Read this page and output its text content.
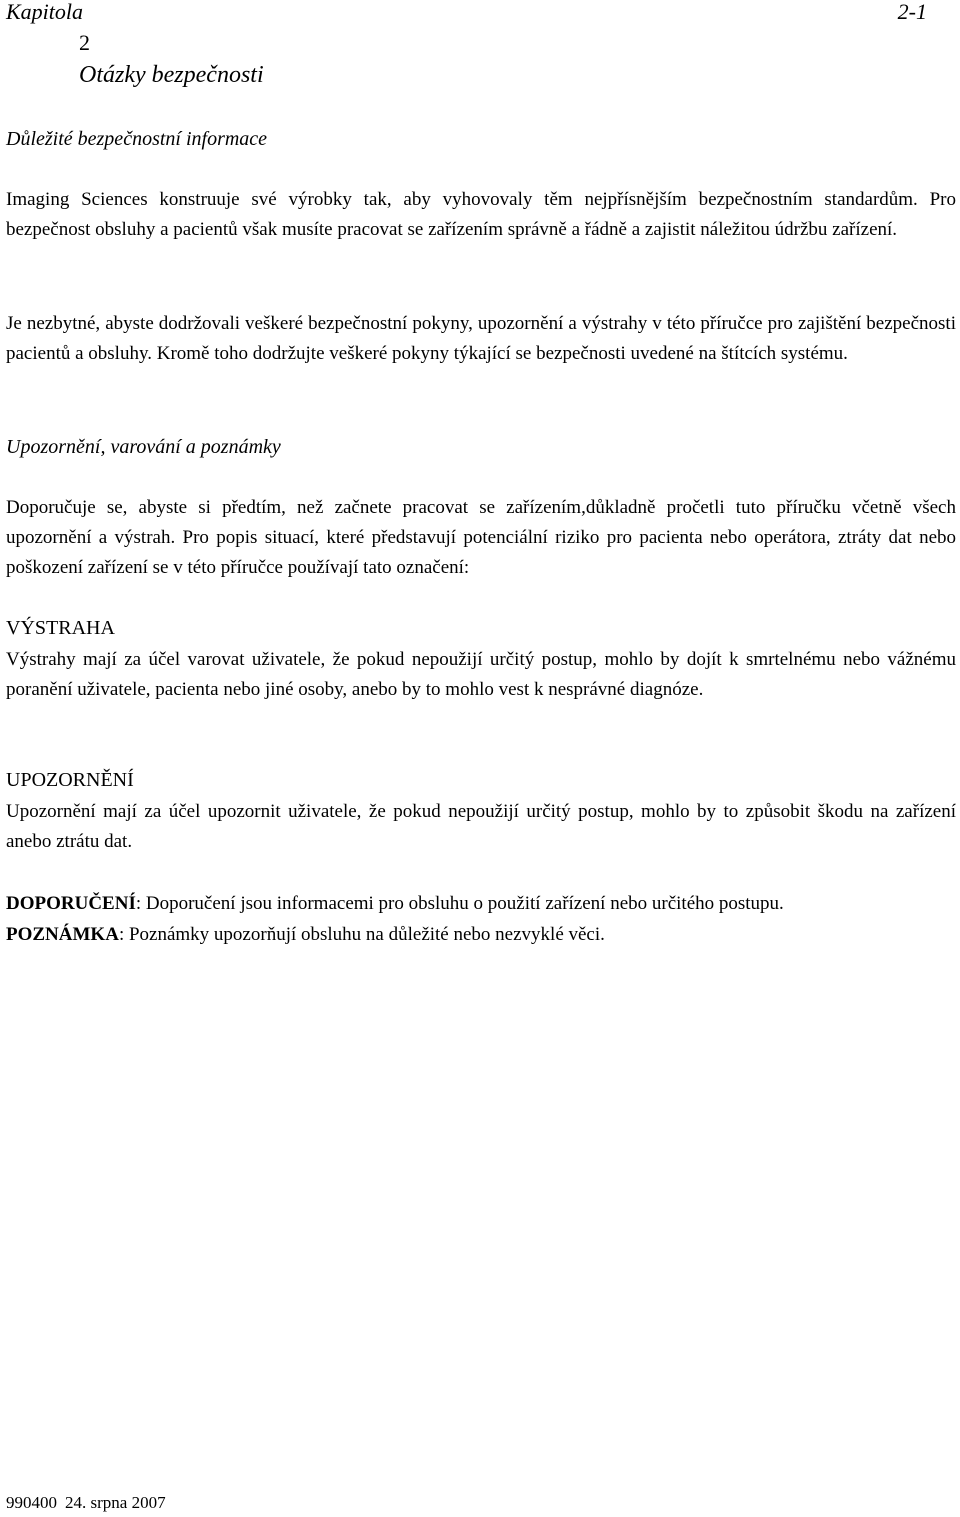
Kapitola	2-1
2
Otázky bezpečnosti
Důležité bezpečnostní informace
Imaging Sciences konstruuje své výrobky tak, aby vyhovovaly těm nejpřísnějším bezpečnostním standardům. Pro bezpečnost obsluhy a pacientů však musíte pracovat se zařízením správně a řádně a zajistit náležitou údržbu zařízení.
Je nezbytné, abyste dodržovali veškeré bezpečnostní pokyny, upozornění a výstrahy v této příručce pro zajištění bezpečnosti pacientů a obsluhy. Kromě toho dodržujte veškeré pokyny týkající se bezpečnosti uvedené na štítcích systému.
Upozornění, varování a poznámky
Doporučuje se, abyste si předtím, než začnete pracovat se zařízením,důkladně pročetli tuto příručku včetně všech upozornění a výstrah. Pro popis situací, které představují potenciální riziko pro pacienta nebo operátora, ztráty dat nebo poškození zařízení se v této příručce používají tato označení:
VÝSTRAHA
Výstrahy mají za účel varovat uživatele, že pokud nepoužijí určitý postup, mohlo by dojít k smrtelnému nebo vážnému poranění uživatele, pacienta nebo jiné osoby, anebo by to mohlo vest k nesprávné diagnóze.
UPOZORNĚNÍ
Upozornění mají za účel upozornit uživatele, že pokud nepoužijí určitý postup, mohlo by to způsobit škodu na zařízení anebo ztrátu dat.
DOPORUČENÍ: Doporučení jsou informacemi pro obsluhu o použití zařízení nebo určitého postupu.
POZNÁMKA: Poznámky upozorňují obsluhu na důležité nebo nezvyklé věci.
990400 24. srpna 2007
